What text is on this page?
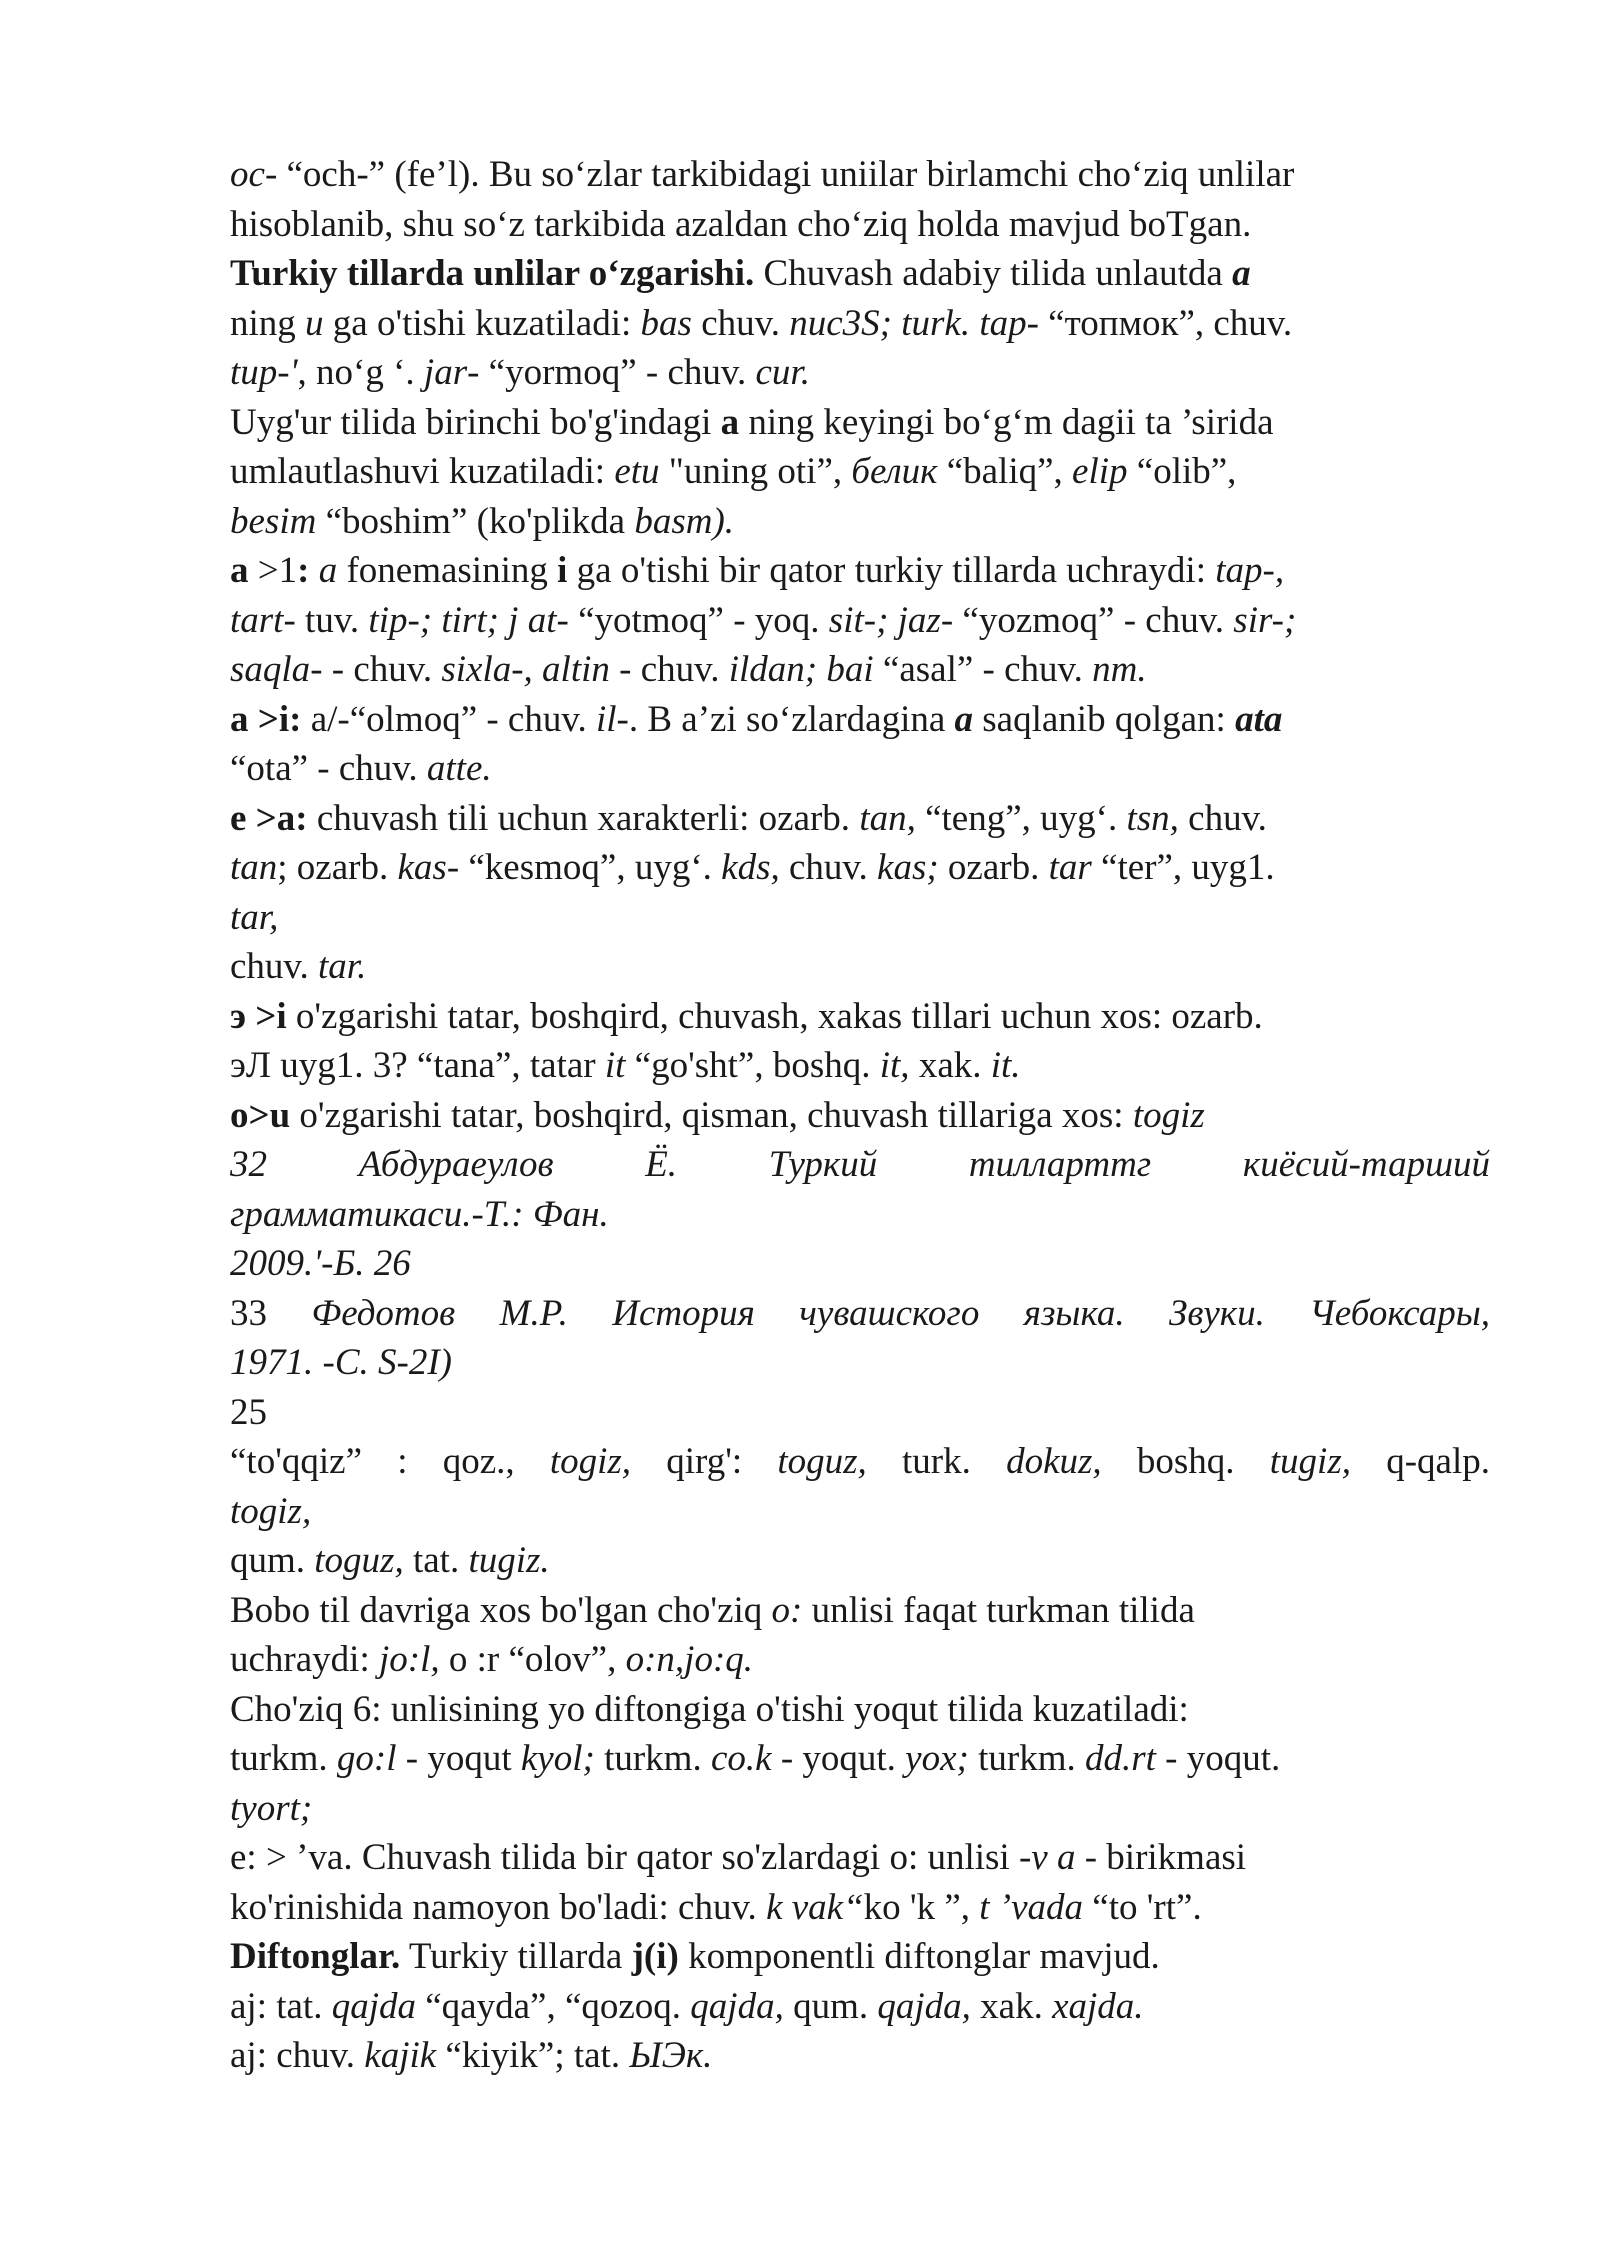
oc- “och-” (fe’l). Bu so‘zlar tarkibidagi uniilar birlamchi cho‘ziq unlilar
hisoblanib, shu so‘z tarkibida azaldan cho‘ziq holda mavjud boTgan.
Turkiy tillarda unlilar o‘zgarishi. Chuvash adabiy tilida unlautda a
ning u ga o'tishi kuzatiladi: bas chuv. nuc3S; turk. tap- “топмок”, chuv.
tup-', no‘g ‘. jar- “yormoq” - chuv. cur.
Uyg'ur tilida birinchi bo'g'indagi a ning keyingi bo‘g‘m dagii ta ’sirida
umlautlashuvi kuzatiladi: etu "uning oti”, белик “baliq”, elip “olib”,
besim “boshim” (ko'plikda basm).
a >1: a fonemasining i ga o'tishi bir qator turkiy tillarda uchraydi: tap-,
tart- tuv. tip-; tirt; j at- “yotmoq” - yoq. sit-; jaz- “yozmoq” - chuv. sir-;
saqla- - chuv. sixla-, altin - chuv. ildan; bai “asal” - chuv. nm.
a >i: a/-“olmoq” - chuv. il-. B a’zi so‘zlardagina a saqlanib qolgan: ata
“ota” - chuv. atte.
e >a: chuvash tili uchun xarakterli: ozarb. tan, “teng”, uyg‘. tsn, chuv.
tan; ozarb. kas- “kesmoq”, uyg‘. kds, chuv. kas; ozarb. tar “ter”, uyg1.
tar,
chuv. tar.
э >i o'zgarishi tatar, boshqird, chuvash, xakas tillari uchun xos: ozarb.
эЛ uyg1. 3? “tana”, tatar it “go'sht”, boshq. it, xak. it.
o>u o'zgarishi tatar, boshqird, qisman, chuvash tillariga xos: togiz
32 Абдураеулов Ё. Туркий тилларттг киёсий-тарший
грамматикаси.-Т.: Фан.
2009.'-Б. 26
33 Федотов М.Р. История чувашского языка. Звуки. Чебоксары,
1971. -С. S-2I)
25
“to'qqiz” : qoz., togiz, qirg': toguz, turk. dokuz, boshq. tugiz, q-qalp.
togiz,
qum. toguz, tat. tugiz.
Bobo til davriga xos bo'lgan cho'ziq o: unlisi faqat turkman tilida
uchraydi: jo:l, o :r “olov”, o:n,jo:q.
Cho'ziq 6: unlisining yo diftongiga o'tishi yoqut tilida kuzatiladi:
turkm. go:l - yoqut kyol; turkm. co.k - yoqut. yox; turkm. dd.rt - yoqut.
tyort;
e: > ’va. Chuvash tilida bir qator so'zlardagi o: unlisi -v a - birikmasi
ko'rinishida namoyon bo'ladi: chuv. k vak“ko 'k ”, t ’vada “to 'rt”.
Diftonglar. Turkiy tillarda j(i) komponentli diftonglar mavjud.
aj: tat. qajda “qayda”, “qozoq. qajda, qum. qajda, xak. xajda.
aj: chuv. kajik “kiyik”; tat. ЫЭк.
